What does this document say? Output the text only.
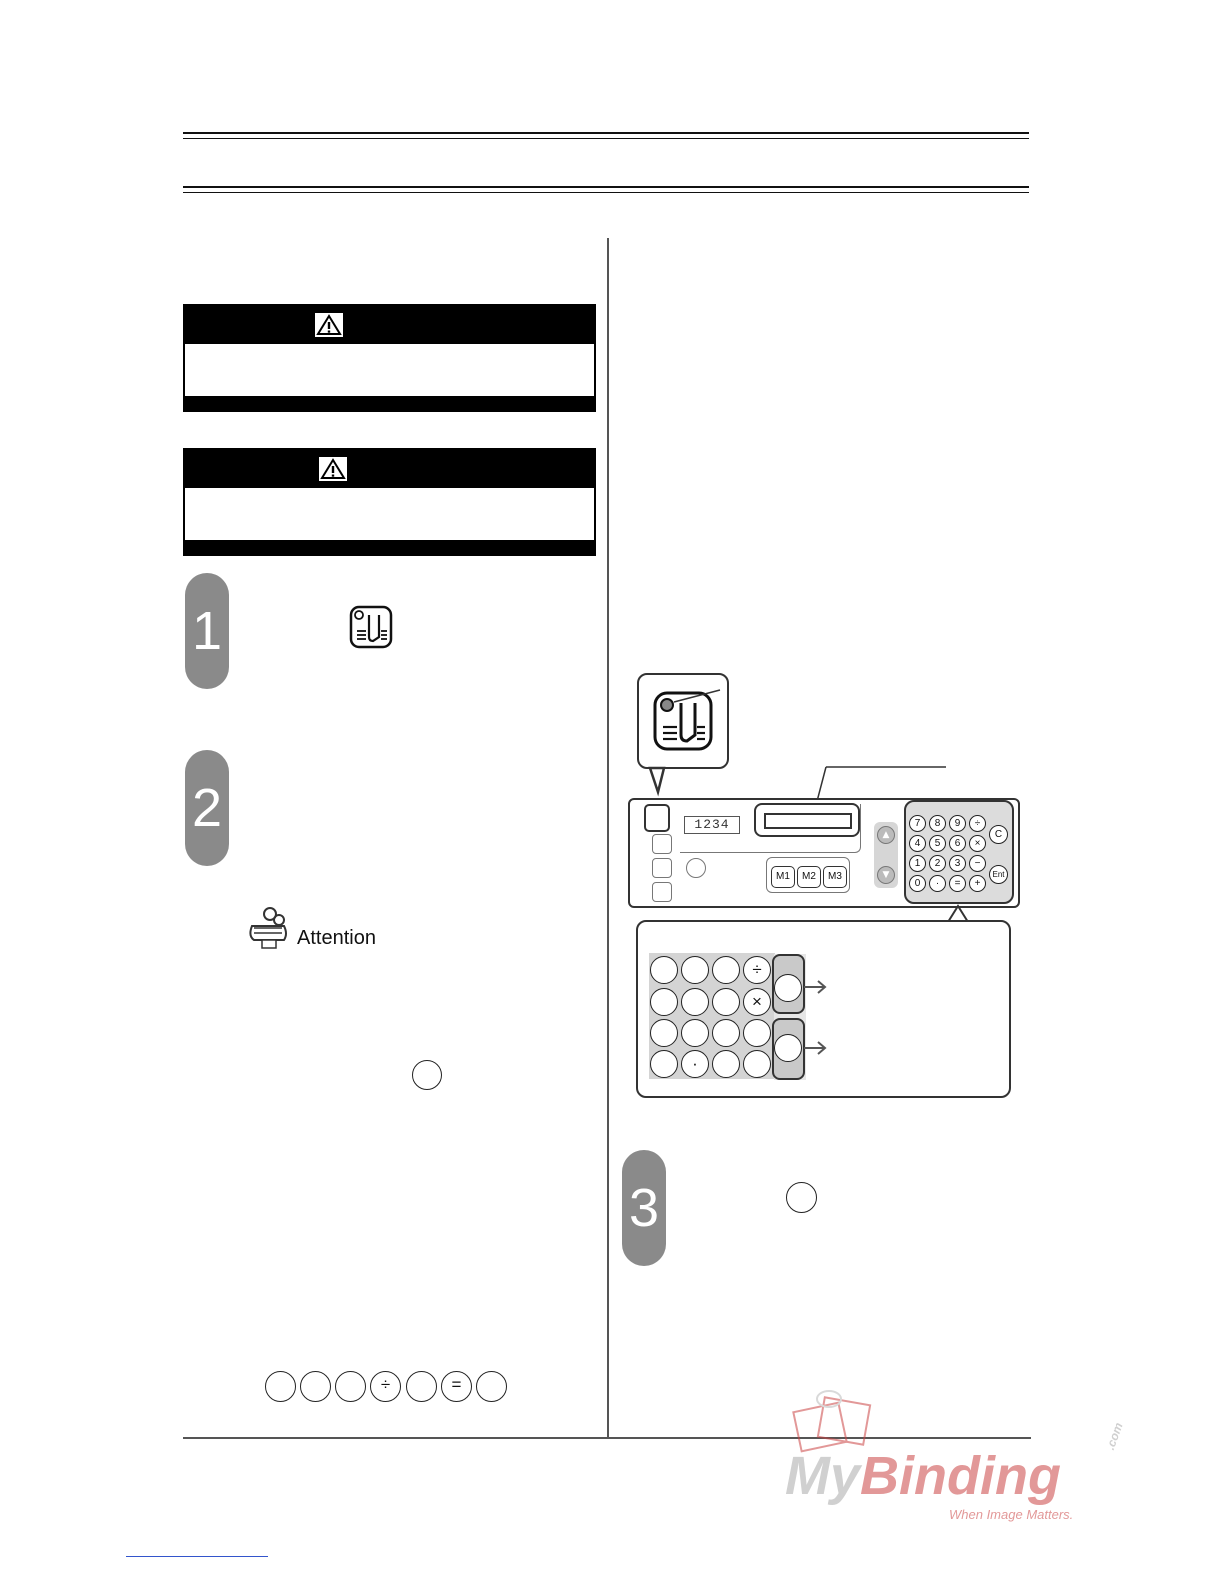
1
2
Attention
÷	=
1234
M1	M2	M3
▲
▼
7	8	9	÷
4	5	6	×
1	2	3	−
0	·	=	+
C
Ent
÷
×
·
3
MyBinding
.com
When Image Matters.
